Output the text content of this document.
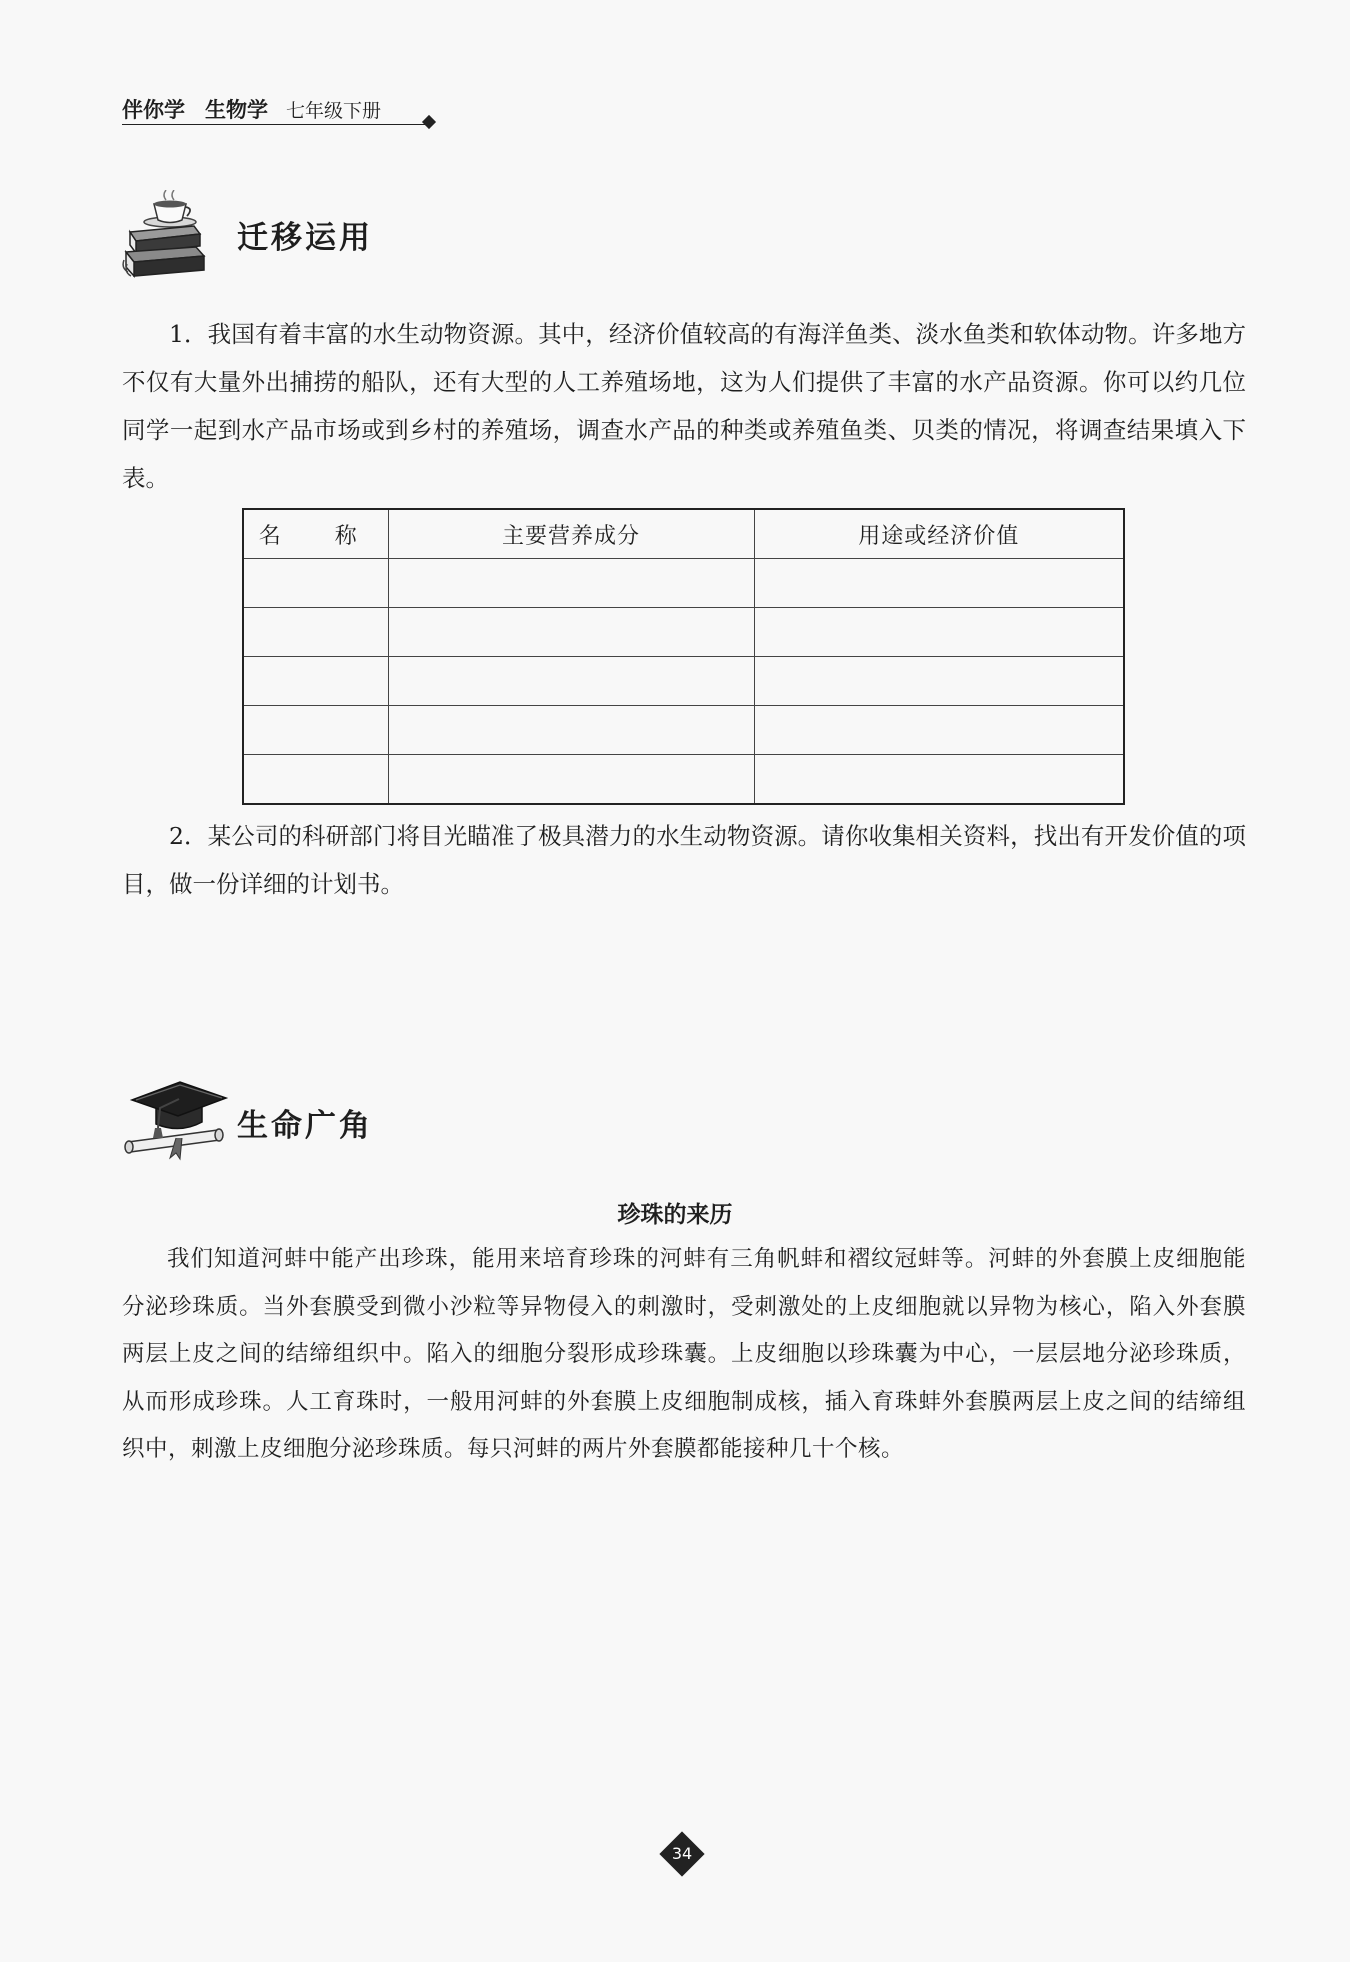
伴你学 生物学 七年级下册
迁移运用
1．我国有着丰富的水生动物资源。其中，经济价值较高的有海洋鱼类、淡水鱼类和软体动物。许多地方不仅有大量外出捕捞的船队，还有大型的人工养殖场地，这为人们提供了丰富的水产品资源。你可以约几位同学一起到水产品市场或到乡村的养殖场，调查水产品的种类或养殖鱼类、贝类的情况，将调查结果填入下表。
名　称	主要营养成分	用途或经济价值

2．某公司的科研部门将目光瞄准了极具潜力的水生动物资源。请你收集相关资料，找出有开发价值的项目，做一份详细的计划书。
生命广角
珍珠的来历
我们知道河蚌中能产出珍珠，能用来培育珍珠的河蚌有三角帆蚌和褶纹冠蚌等。河蚌的外套膜上皮细胞能分泌珍珠质。当外套膜受到微小沙粒等异物侵入的刺激时，受刺激处的上皮细胞就以异物为核心，陷入外套膜两层上皮之间的结缔组织中。陷入的细胞分裂形成珍珠囊。上皮细胞以珍珠囊为中心，一层层地分泌珍珠质，从而形成珍珠。人工育珠时，一般用河蚌的外套膜上皮细胞制成核，插入育珠蚌外套膜两层上皮之间的结缔组织中，刺激上皮细胞分泌珍珠质。每只河蚌的两片外套膜都能接种几十个核。
34
